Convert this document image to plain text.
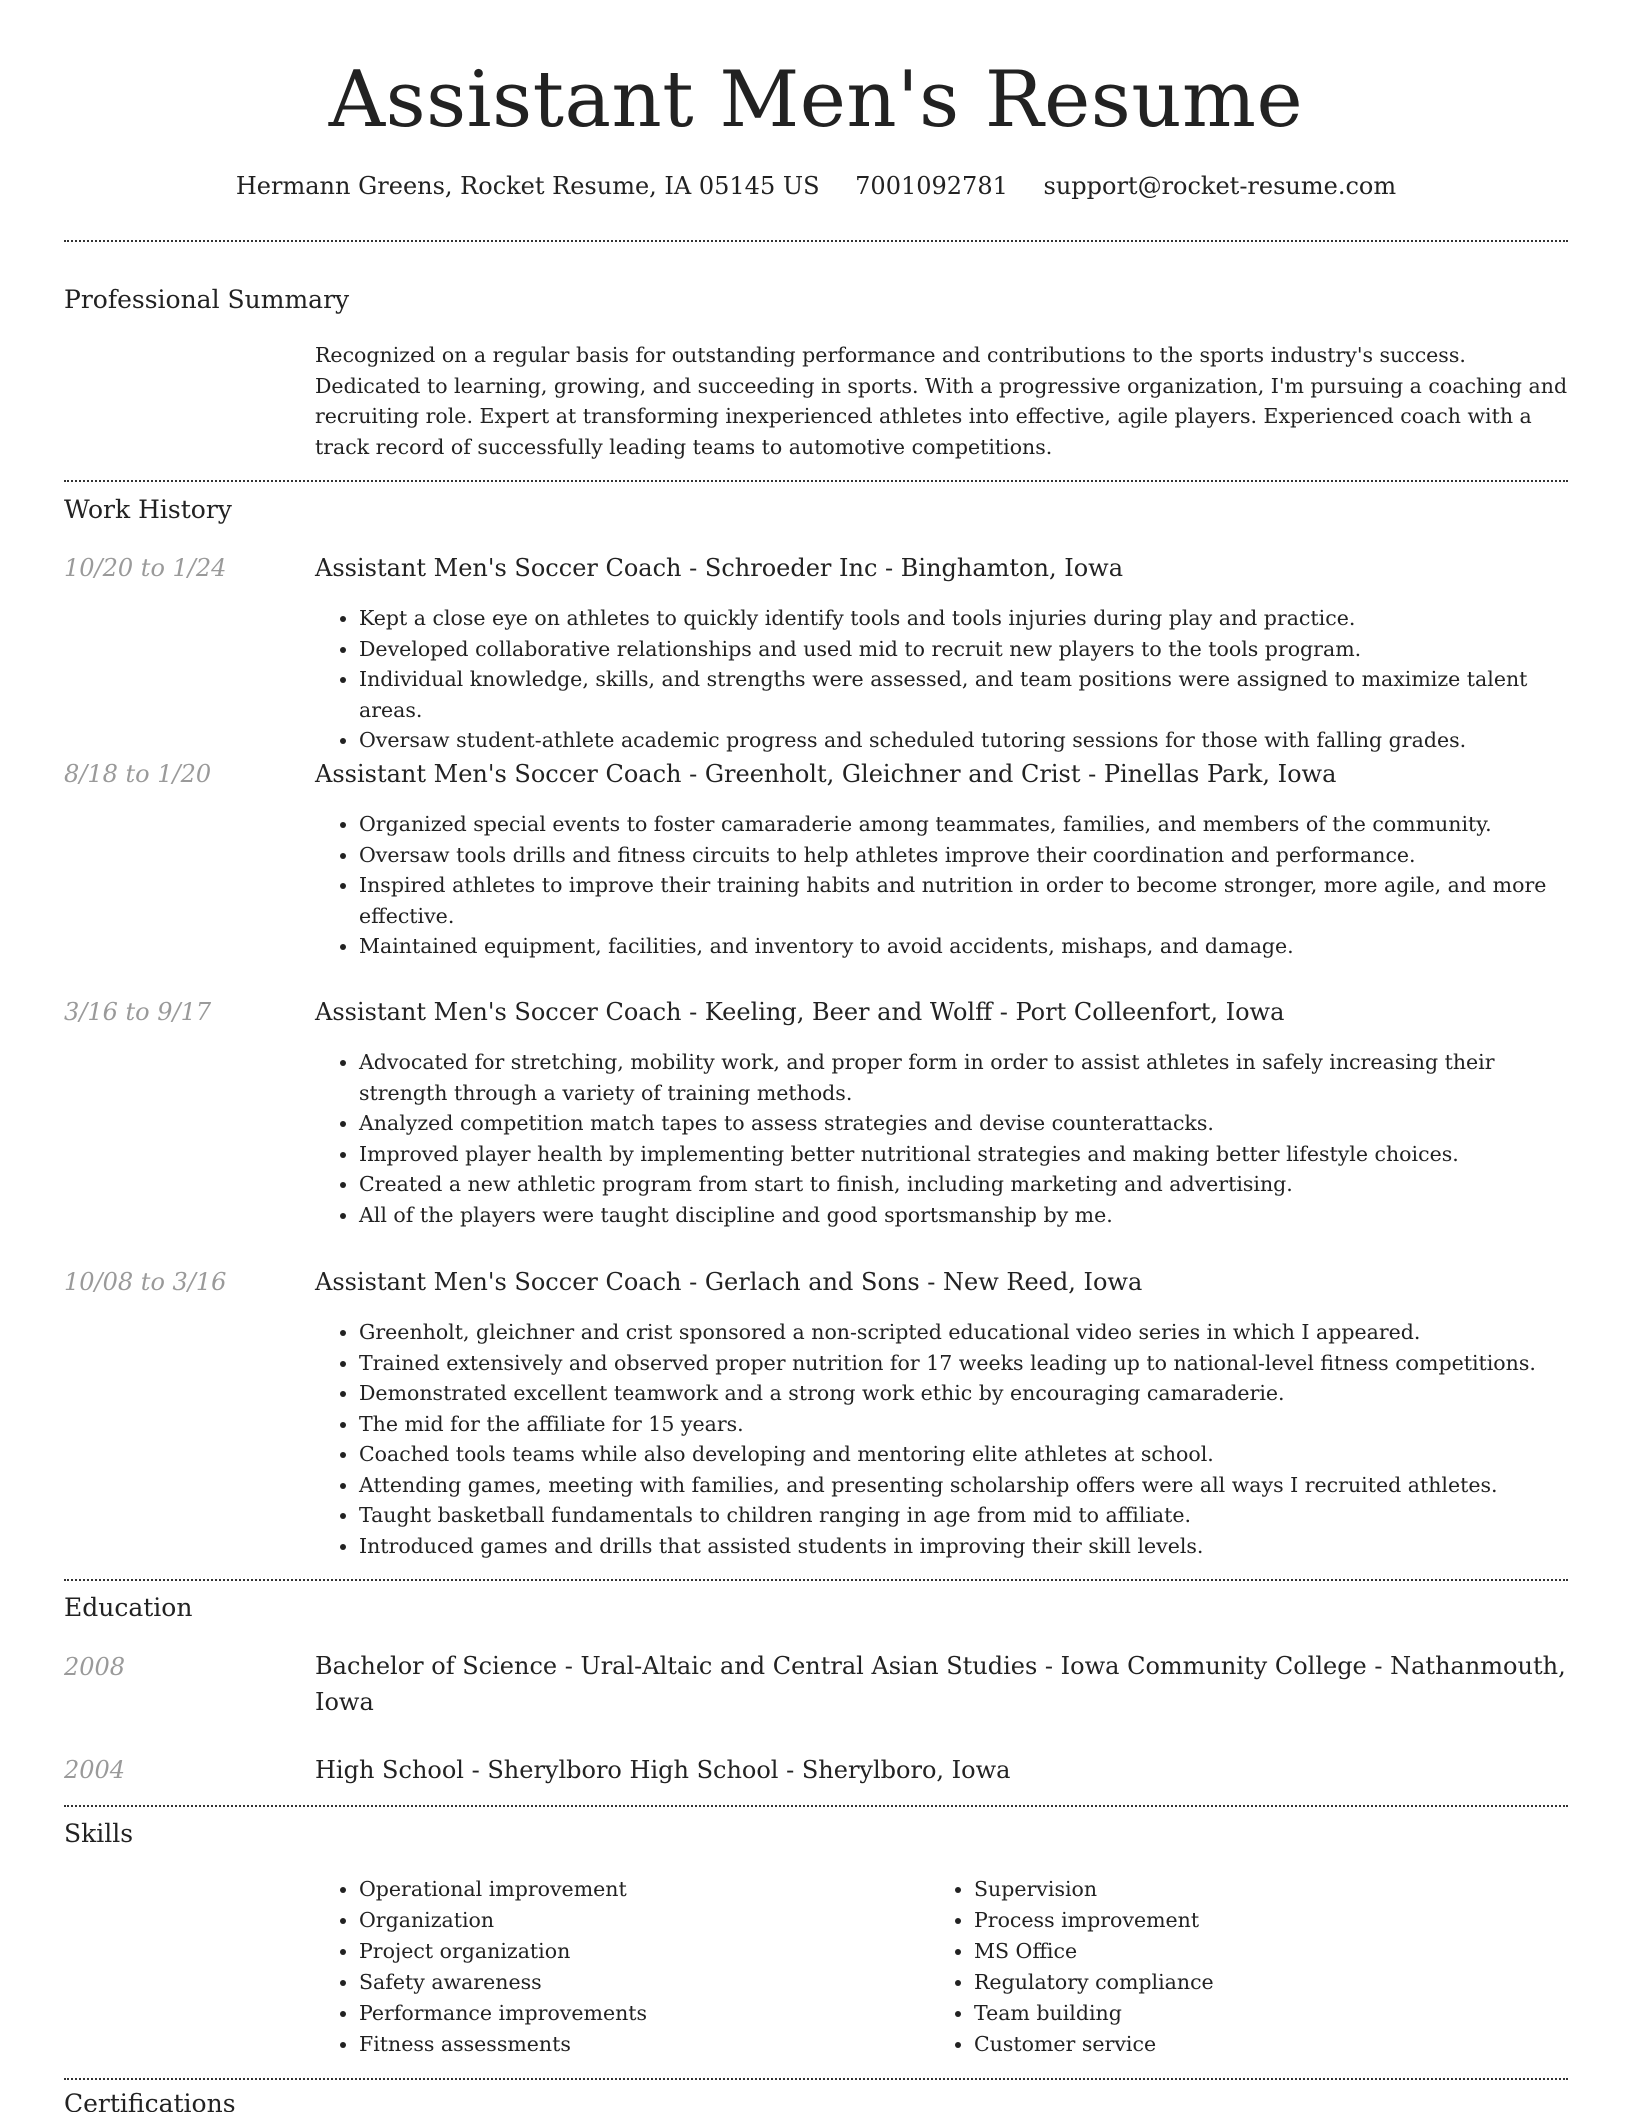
Assistant Men's Resume
Hermann Greens, Rocket Resume, IA 05145 US 7001092781 support@rocket-resume.com
Professional Summary
Recognized on a regular basis for outstanding performance and contributions to the sports industry's success. Dedicated to learning, growing, and succeeding in sports. With a progressive organization, I'm pursuing a coaching and recruiting role. Expert at transforming inexperienced athletes into effective, agile players. Experienced coach with a track record of successfully leading teams to automotive competitions.
Work History
10/20 to 1/24	Assistant Men's Soccer Coach - Schroeder Inc - Binghamton, Iowa
• Kept a close eye on athletes to quickly identify tools and tools injuries during play and practice.
• Developed collaborative relationships and used mid to recruit new players to the tools program.
• Individual knowledge, skills, and strengths were assessed, and team positions were assigned to maximize talent areas.
• Oversaw student-athlete academic progress and scheduled tutoring sessions for those with falling grades.
8/18 to 1/20	Assistant Men's Soccer Coach - Greenholt, Gleichner and Crist - Pinellas Park, Iowa
• Organized special events to foster camaraderie among teammates, families, and members of the community.
• Oversaw tools drills and fitness circuits to help athletes improve their coordination and performance.
• Inspired athletes to improve their training habits and nutrition in order to become stronger, more agile, and more effective.
• Maintained equipment, facilities, and inventory to avoid accidents, mishaps, and damage.
3/16 to 9/17	Assistant Men's Soccer Coach - Keeling, Beer and Wolff - Port Colleenfort, Iowa
• Advocated for stretching, mobility work, and proper form in order to assist athletes in safely increasing their strength through a variety of training methods.
• Analyzed competition match tapes to assess strategies and devise counterattacks.
• Improved player health by implementing better nutritional strategies and making better lifestyle choices.
• Created a new athletic program from start to finish, including marketing and advertising.
• All of the players were taught discipline and good sportsmanship by me.
10/08 to 3/16	Assistant Men's Soccer Coach - Gerlach and Sons - New Reed, Iowa
• Greenholt, gleichner and crist sponsored a non-scripted educational video series in which I appeared.
• Trained extensively and observed proper nutrition for 17 weeks leading up to national-level fitness competitions.
• Demonstrated excellent teamwork and a strong work ethic by encouraging camaraderie.
• The mid for the affiliate for 15 years.
• Coached tools teams while also developing and mentoring elite athletes at school.
• Attending games, meeting with families, and presenting scholarship offers were all ways I recruited athletes.
• Taught basketball fundamentals to children ranging in age from mid to affiliate.
• Introduced games and drills that assisted students in improving their skill levels.
Education
2008	Bachelor of Science - Ural-Altaic and Central Asian Studies - Iowa Community College - Nathanmouth, Iowa
2004	High School - Sherylboro High School - Sherylboro, Iowa
Skills
• Operational improvement
• Organization
• Project organization
• Safety awareness
• Performance improvements
• Fitness assessments
• Supervision
• Process improvement
• MS Office
• Regulatory compliance
• Team building
• Customer service
Certifications
